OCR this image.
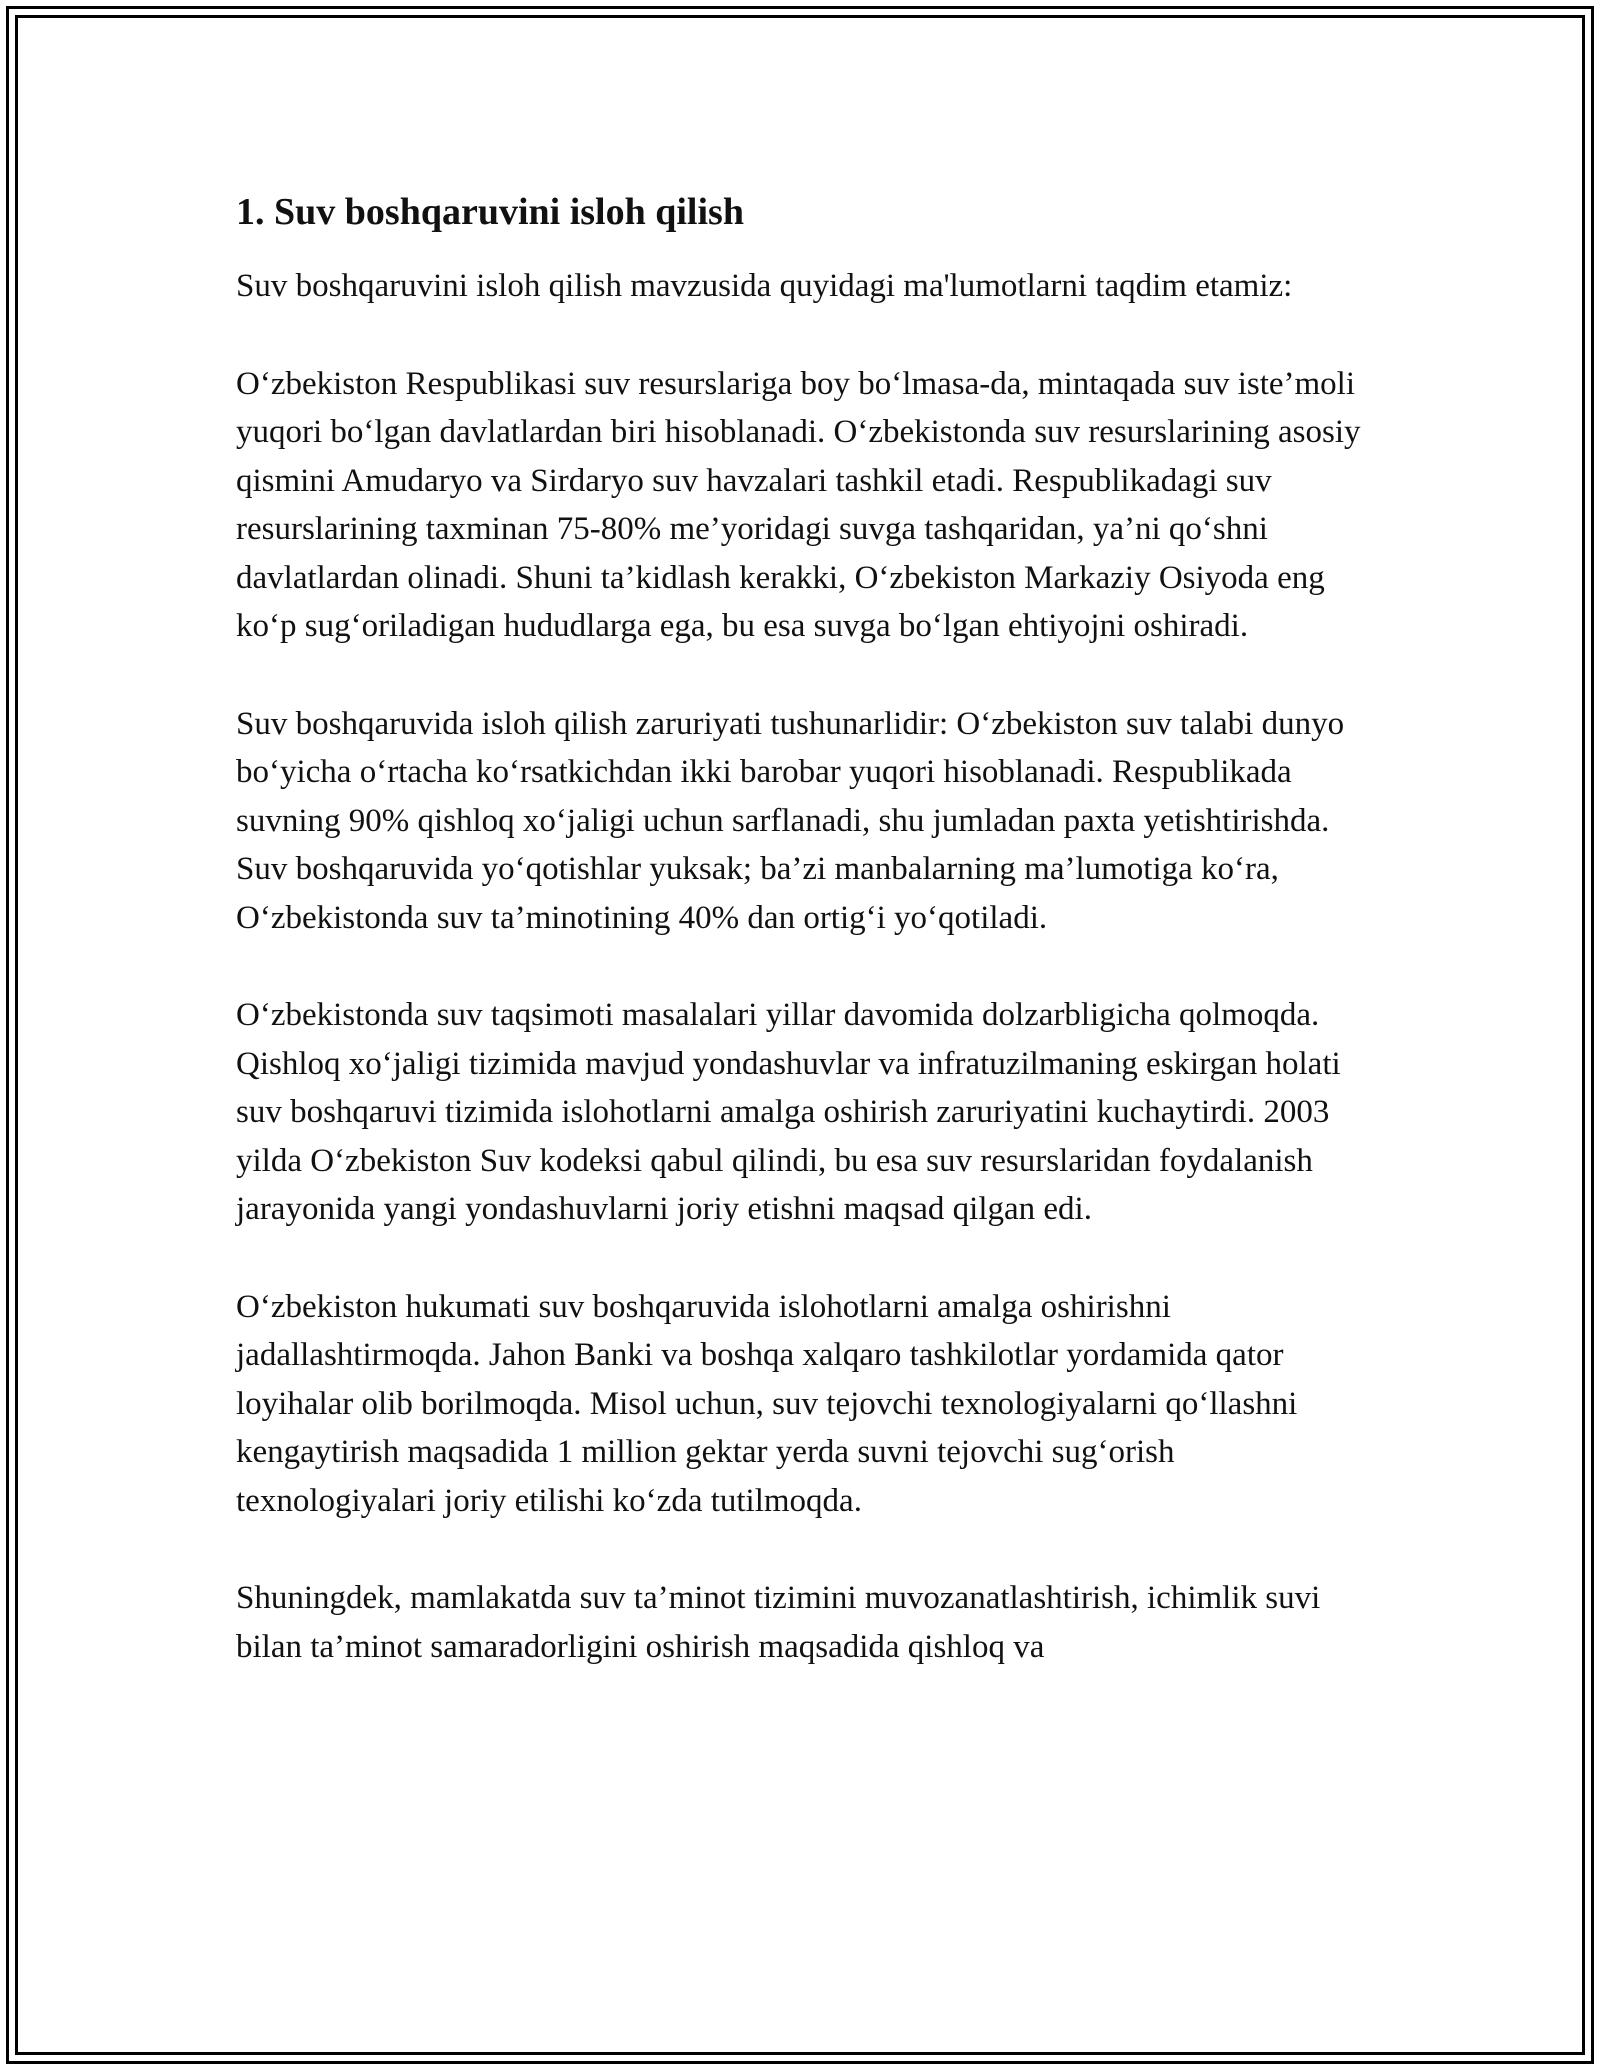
1. Suv boshqaruvini isloh qilish

Suv boshqaruvini isloh qilish mavzusida quyidagi ma'lumotlarni taqdim etamiz:

O‘zbekiston Respublikasi suv resurslariga boy bo‘lmasa-da, mintaqada suv iste’moli yuqori bo‘lgan davlatlardan biri hisoblanadi. O‘zbekistonda suv resurslarining asosiy qismini Amudaryo va Sirdaryo suv havzalari tashkil etadi. Respublikadagi suv resurslarining taxminan 75-80% me’yoridagi suvga tashqaridan, ya’ni qo‘shni davlatlardan olinadi. Shuni ta’kidlash kerakki, O‘zbekiston Markaziy Osiyoda eng ko‘p sug‘oriladigan hududlarga ega, bu esa suvga bo‘lgan ehtiyojni oshiradi.

Suv boshqaruvida isloh qilish zaruriyati tushunarlidir: O‘zbekiston suv talabi dunyo bo‘yicha o‘rtacha ko‘rsatkichdan ikki barobar yuqori hisoblanadi. Respublikada suvning 90% qishloq xo‘jaligi uchun sarflanadi, shu jumladan paxta yetishtirishda. Suv boshqaruvida yo‘qotishlar yuksak; ba’zi manbalarning ma’lumotiga ko‘ra, O‘zbekistonda suv ta’minotining 40% dan ortig‘i yo‘qotiladi.

O‘zbekistonda suv taqsimoti masalalari yillar davomida dolzarbligicha qolmoqda. Qishloq xo‘jaligi tizimida mavjud yondashuvlar va infratuzilmaning eskirgan holati suv boshqaruvi tizimida islohotlarni amalga oshirish zaruriyatini kuchaytirdi. 2003 yilda O‘zbekiston Suv kodeksi qabul qilindi, bu esa suv resurslaridan foydalanish jarayonida yangi yondashuvlarni joriy etishni maqsad qilgan edi.

O‘zbekiston hukumati suv boshqaruvida islohotlarni amalga oshirishni jadallashtirmoqda. Jahon Banki va boshqa xalqaro tashkilotlar yordamida qator loyihalar olib borilmoqda. Misol uchun, suv tejovchi texnologiyalarni qo‘llashni kengaytirish maqsadida 1 million gektar yerda suvni tejovchi sug‘orish texnologiyalari joriy etilishi ko‘zda tutilmoqda.

Shuningdek, mamlakatda suv ta’minot tizimini muvozanatlashtirish, ichimlik suvi bilan ta’minot samaradorligini oshirish maqsadida qishloq va
